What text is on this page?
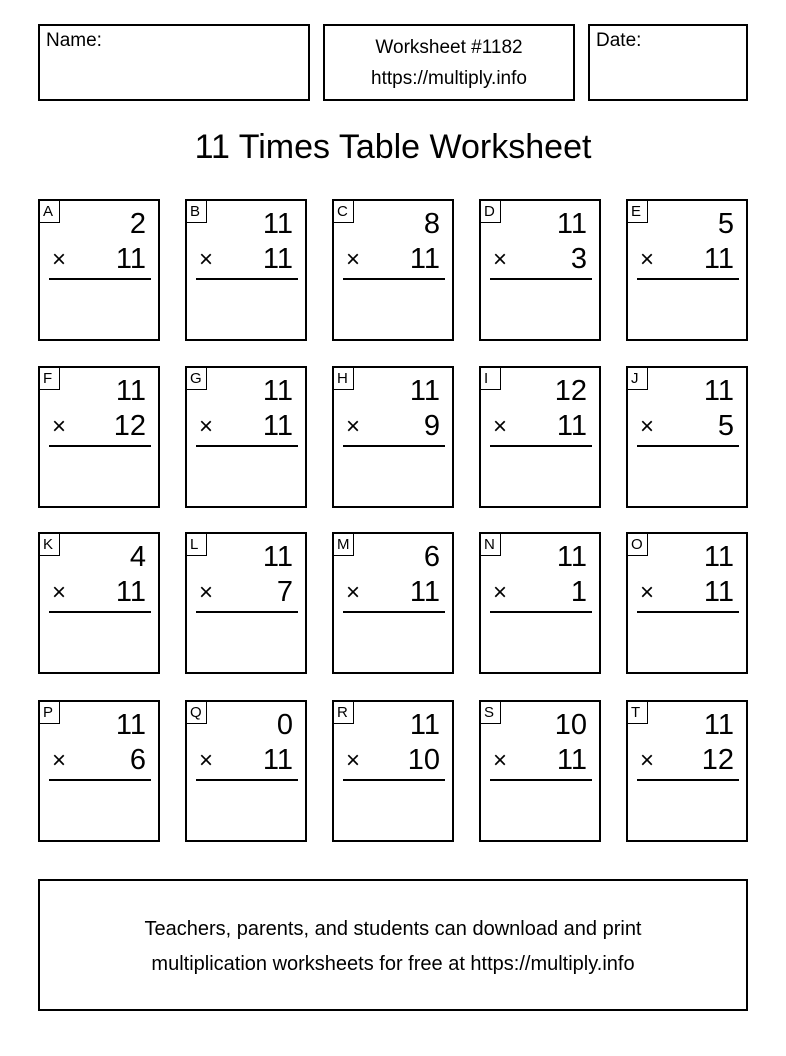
Name:	Worksheet #1182
https://multiply.info
Date:
11 Times Table Worksheet
A	2
× 11
B 11
× 11
C	8
× 11
D 11
× 3
E	5
× 11
F 11
× 12
G 11
× 11
H 11
× 9
I	12
× 11
J	11
× 5
K	4
× 11
L 11
× 7
M	6
× 11
N 11
× 1
O 11
× 11
P 11
× 6
Q	0
× 11
R 11
× 10
S 10
× 11
T 11
× 12
Teachers, parents, and students can download and print
multiplication worksheets for free at https://multiply.info
